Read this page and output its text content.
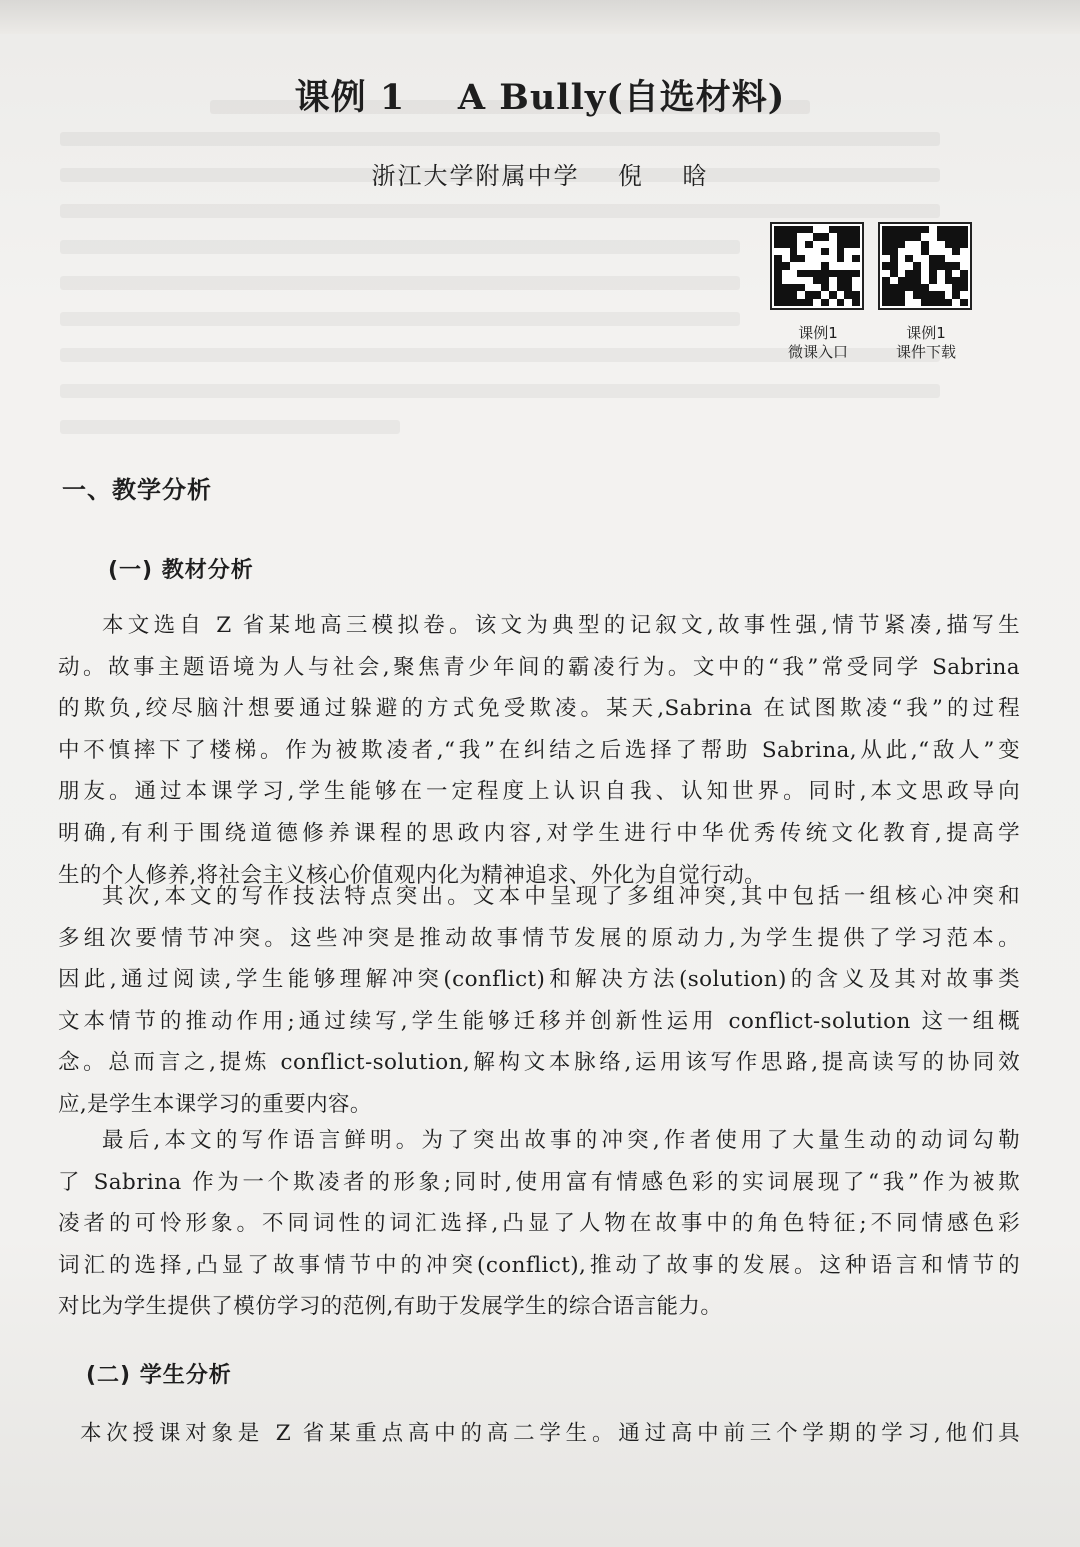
课例 1    A Bully(自选材料)
浙江大学附属中学    倪    晗
课例1
微课入口
课例1
课件下载
一、教学分析
(一) 教材分析
本文选自 Z 省某地高三模拟卷。该文为典型的记叙文,故事性强,情节紧凑,描写生
动。故事主题语境为人与社会,聚焦青少年间的霸凌行为。文中的“我”常受同学 Sabrina
的欺负,绞尽脑汁想要通过躲避的方式免受欺凌。某天,Sabrina 在试图欺凌“我”的过程
中不慎摔下了楼梯。作为被欺凌者,“我”在纠结之后选择了帮助 Sabrina,从此,“敌人”变
朋友。通过本课学习,学生能够在一定程度上认识自我、认知世界。同时,本文思政导向
明确,有利于围绕道德修养课程的思政内容,对学生进行中华优秀传统文化教育,提高学
生的个人修养,将社会主义核心价值观内化为精神追求、外化为自觉行动。
其次,本文的写作技法特点突出。文本中呈现了多组冲突,其中包括一组核心冲突和
多组次要情节冲突。这些冲突是推动故事情节发展的原动力,为学生提供了学习范本。
因此,通过阅读,学生能够理解冲突(conflict)和解决方法(solution)的含义及其对故事类
文本情节的推动作用;通过续写,学生能够迁移并创新性运用 conflict-solution 这一组概
念。总而言之,提炼 conflict-solution,解构文本脉络,运用该写作思路,提高读写的协同效
应,是学生本课学习的重要内容。
最后,本文的写作语言鲜明。为了突出故事的冲突,作者使用了大量生动的动词勾勒
了 Sabrina 作为一个欺凌者的形象;同时,使用富有情感色彩的实词展现了“我”作为被欺
凌者的可怜形象。不同词性的词汇选择,凸显了人物在故事中的角色特征;不同情感色彩
词汇的选择,凸显了故事情节中的冲突(conflict),推动了故事的发展。这种语言和情节的
对比为学生提供了模仿学习的范例,有助于发展学生的综合语言能力。
(二) 学生分析
本次授课对象是 Z 省某重点高中的高二学生。通过高中前三个学期的学习,他们具
